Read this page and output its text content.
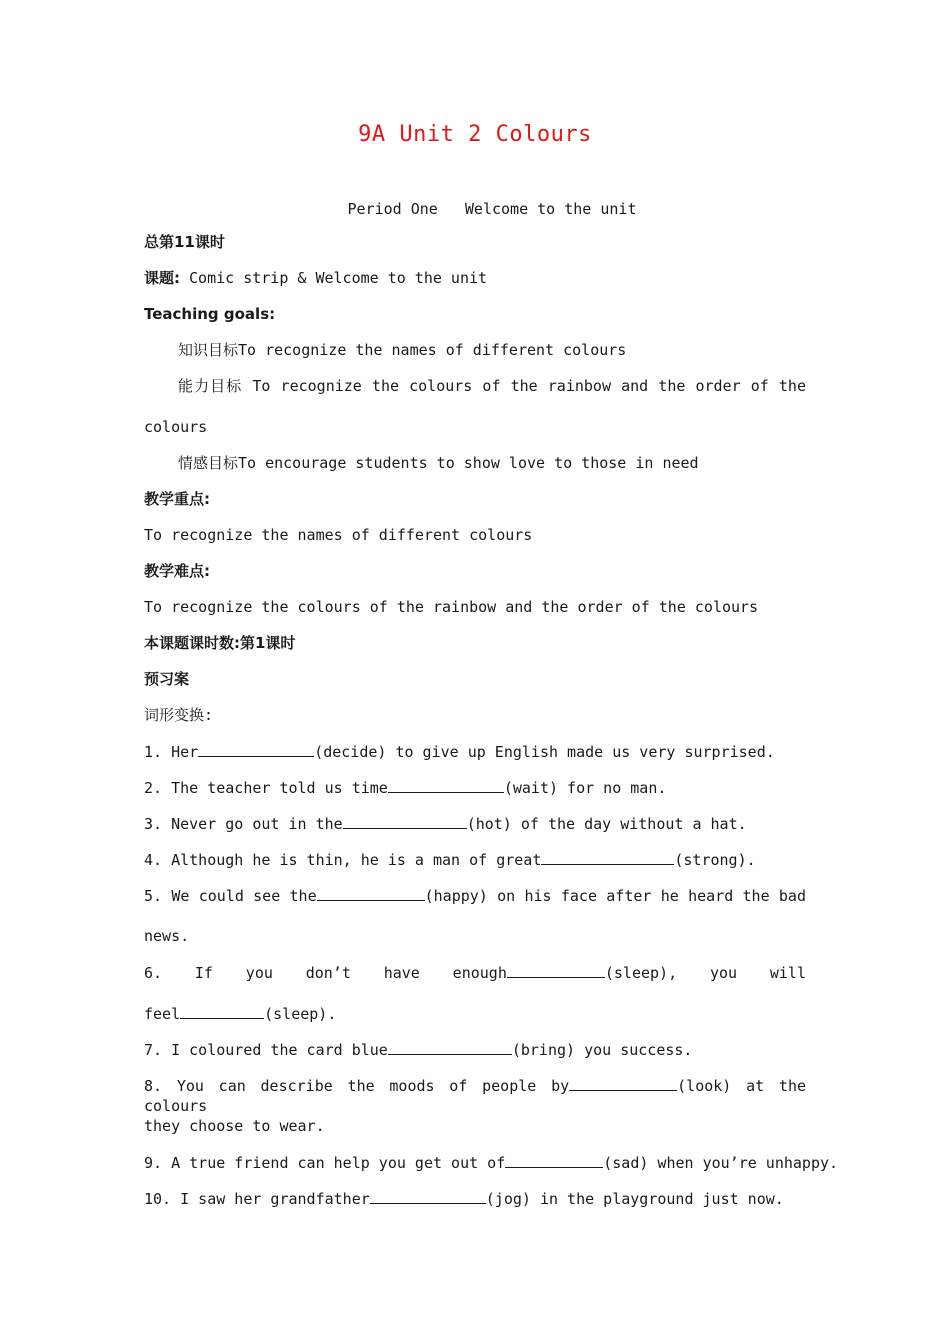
9A Unit 2 Colours
Period One   Welcome to the unit
总第11课时
课题: Comic strip & Welcome to the unit
Teaching goals:
知识目标To recognize the names of different colours
能力目标 To recognize the colours of the rainbow and the order of the
colours
情感目标To encourage students to show love to those in need
教学重点:
To recognize the names of different colours
教学难点:
To recognize the colours of the rainbow and the order of the colours
本课题课时数:第1课时
预习案
词形变换:
1. Her	(decide) to give up English made us very surprised.
2. The teacher told us time	(wait) for no man.
3. Never go out in the	(hot) of the day without a hat.
4. Although he is thin, he is a man of great	(strong).
5. We could see the	(happy) on his face after he heard the bad
news.
6. If you don’t have enough	(sleep), you will
feel	(sleep).
7. I coloured the card blue	(bring) you success.
8. You can describe the moods of people by	(look) at the colours
they choose to wear.
9. A true friend can help you get out of	(sad) when you’re unhappy.
10. I saw her grandfather	(jog) in the playground just now.
